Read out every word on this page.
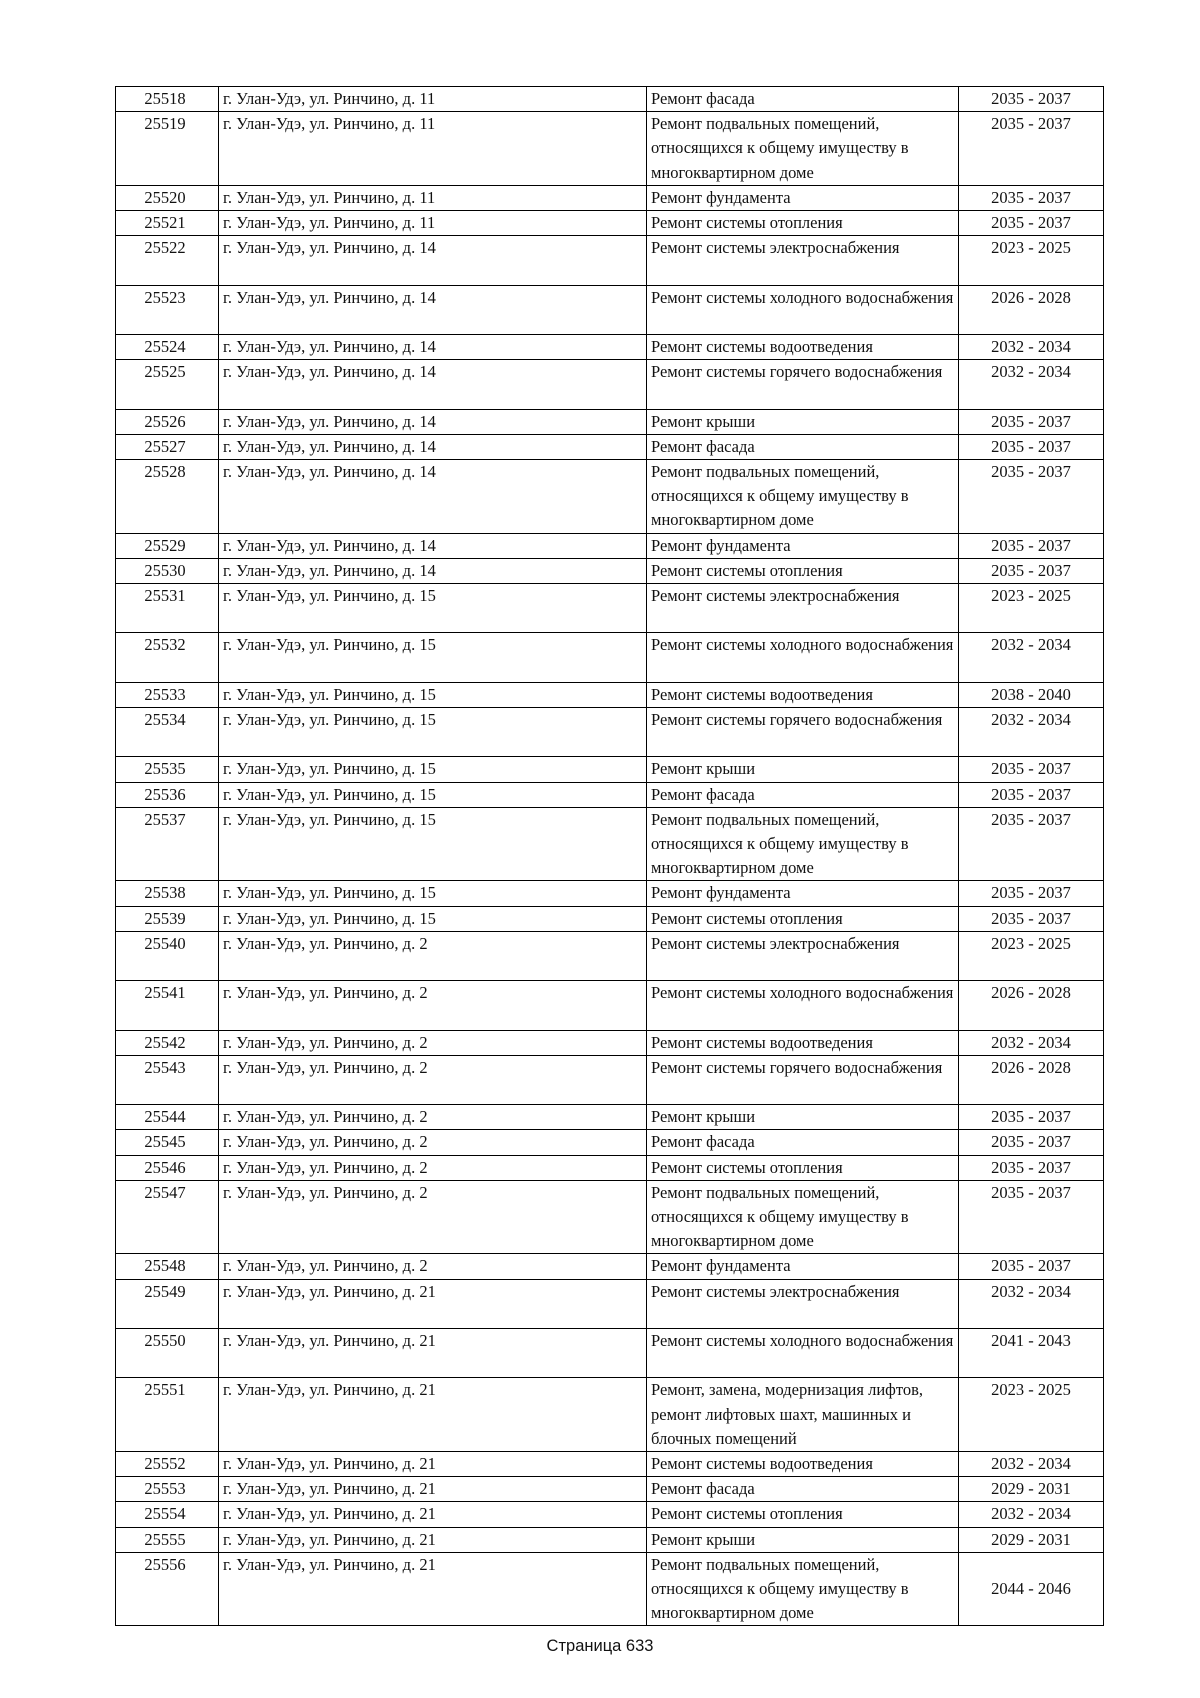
25518	г. Улан-Удэ, ул. Ринчино, д. 11	Ремонт фасада	2035 - 2037
25519	г. Улан-Удэ, ул. Ринчино, д. 11	Ремонт подвальных помещений, относящихся к общему имуществу в многоквартирном доме	2035 - 2037
25520	г. Улан-Удэ, ул. Ринчино, д. 11	Ремонт фундамента	2035 - 2037
25521	г. Улан-Удэ, ул. Ринчино, д. 11	Ремонт системы отопления	2035 - 2037
25522	г. Улан-Удэ, ул. Ринчино, д. 14	Ремонт системы электроснабжения	2023 - 2025
25523	г. Улан-Удэ, ул. Ринчино, д. 14	Ремонт системы холодного водоснабжения	2026 - 2028
25524	г. Улан-Удэ, ул. Ринчино, д. 14	Ремонт системы водоотведения	2032 - 2034
25525	г. Улан-Удэ, ул. Ринчино, д. 14	Ремонт системы горячего водоснабжения	2032 - 2034
25526	г. Улан-Удэ, ул. Ринчино, д. 14	Ремонт крыши	2035 - 2037
25527	г. Улан-Удэ, ул. Ринчино, д. 14	Ремонт фасада	2035 - 2037
25528	г. Улан-Удэ, ул. Ринчино, д. 14	Ремонт подвальных помещений, относящихся к общему имуществу в многоквартирном доме	2035 - 2037
25529	г. Улан-Удэ, ул. Ринчино, д. 14	Ремонт фундамента	2035 - 2037
25530	г. Улан-Удэ, ул. Ринчино, д. 14	Ремонт системы отопления	2035 - 2037
25531	г. Улан-Удэ, ул. Ринчино, д. 15	Ремонт системы электроснабжения	2023 - 2025
25532	г. Улан-Удэ, ул. Ринчино, д. 15	Ремонт системы холодного водоснабжения	2032 - 2034
25533	г. Улан-Удэ, ул. Ринчино, д. 15	Ремонт системы водоотведения	2038 - 2040
25534	г. Улан-Удэ, ул. Ринчино, д. 15	Ремонт системы горячего водоснабжения	2032 - 2034
25535	г. Улан-Удэ, ул. Ринчино, д. 15	Ремонт крыши	2035 - 2037
25536	г. Улан-Удэ, ул. Ринчино, д. 15	Ремонт фасада	2035 - 2037
25537	г. Улан-Удэ, ул. Ринчино, д. 15	Ремонт подвальных помещений, относящихся к общему имуществу в многоквартирном доме	2035 - 2037
25538	г. Улан-Удэ, ул. Ринчино, д. 15	Ремонт фундамента	2035 - 2037
25539	г. Улан-Удэ, ул. Ринчино, д. 15	Ремонт системы отопления	2035 - 2037
25540	г. Улан-Удэ, ул. Ринчино, д. 2	Ремонт системы электроснабжения	2023 - 2025
25541	г. Улан-Удэ, ул. Ринчино, д. 2	Ремонт системы холодного водоснабжения	2026 - 2028
25542	г. Улан-Удэ, ул. Ринчино, д. 2	Ремонт системы водоотведения	2032 - 2034
25543	г. Улан-Удэ, ул. Ринчино, д. 2	Ремонт системы горячего водоснабжения	2026 - 2028
25544	г. Улан-Удэ, ул. Ринчино, д. 2	Ремонт крыши	2035 - 2037
25545	г. Улан-Удэ, ул. Ринчино, д. 2	Ремонт фасада	2035 - 2037
25546	г. Улан-Удэ, ул. Ринчино, д. 2	Ремонт системы отопления	2035 - 2037
25547	г. Улан-Удэ, ул. Ринчино, д. 2	Ремонт подвальных помещений, относящихся к общему имуществу в многоквартирном доме	2035 - 2037
25548	г. Улан-Удэ, ул. Ринчино, д. 2	Ремонт фундамента	2035 - 2037
25549	г. Улан-Удэ, ул. Ринчино, д. 21	Ремонт системы электроснабжения	2032 - 2034
25550	г. Улан-Удэ, ул. Ринчино, д. 21	Ремонт системы холодного водоснабжения	2041 - 2043
25551	г. Улан-Удэ, ул. Ринчино, д. 21	Ремонт, замена, модернизация лифтов, ремонт лифтовых шахт, машинных и блочных помещений	2023 - 2025
25552	г. Улан-Удэ, ул. Ринчино, д. 21	Ремонт системы водоотведения	2032 - 2034
25553	г. Улан-Удэ, ул. Ринчино, д. 21	Ремонт фасада	2029 - 2031
25554	г. Улан-Удэ, ул. Ринчино, д. 21	Ремонт системы отопления	2032 - 2034
25555	г. Улан-Удэ, ул. Ринчино, д. 21	Ремонт крыши	2029 - 2031
25556	г. Улан-Удэ, ул. Ринчино, д. 21	Ремонт подвальных помещений, относящихся к общему имуществу в многоквартирном доме	2044 - 2046
Страница 633
